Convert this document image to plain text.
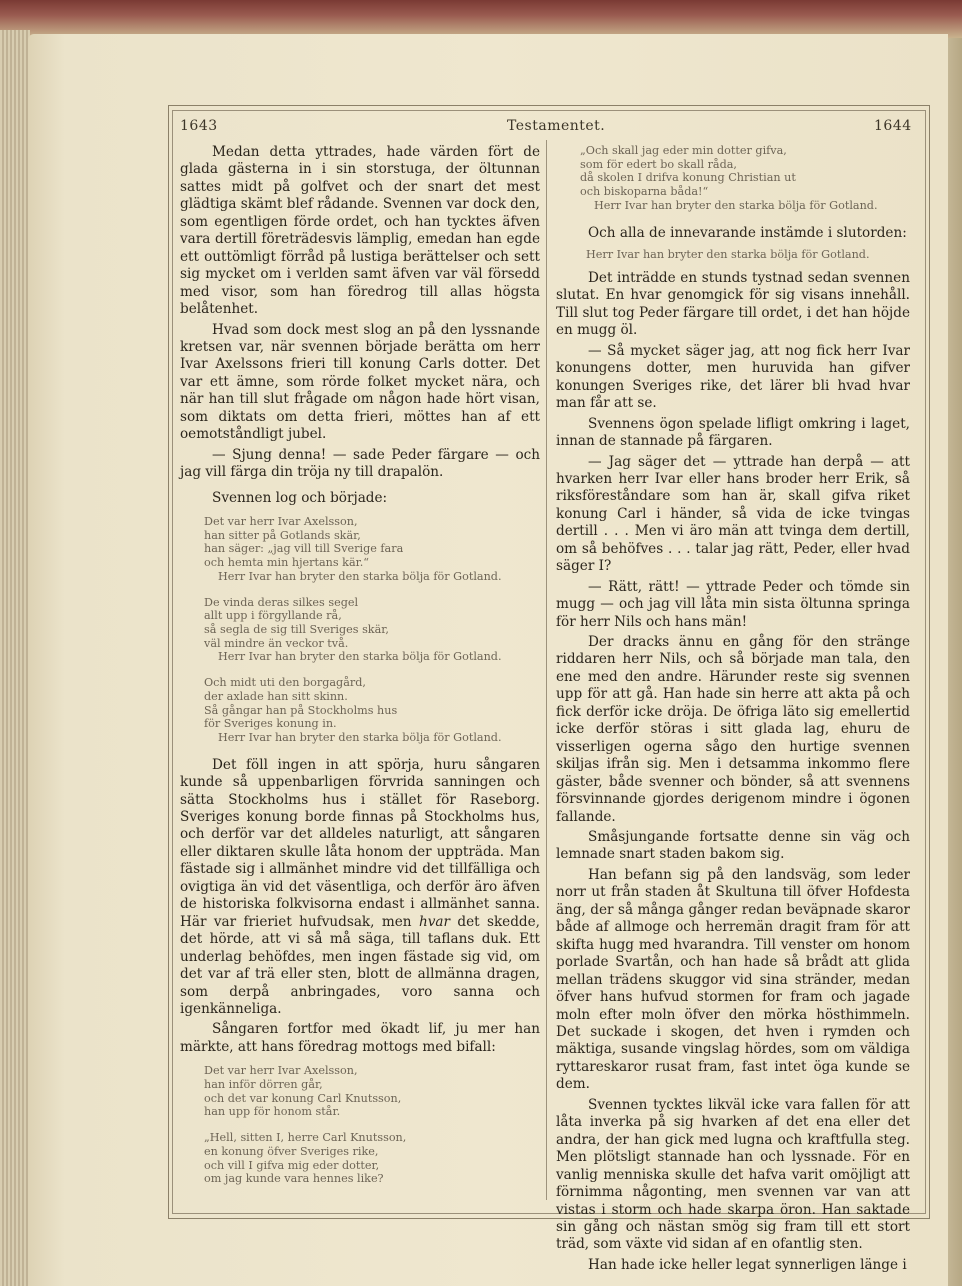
1643	Testamentet.	1644

Medan detta yttrades, hade värden fört de glada gästerna in i sin storstuga, der öltunnan sattes midt på golfvet och der snart det mest glädtiga skämt blef rådande. Svennen var dock den, som egentligen förde ordet, och han tycktes äfven vara dertill företrädesvis lämplig, emedan han egde ett outtömligt förråd på lustiga berättelser och sett sig mycket om i verlden samt äfven var väl försedd med visor, som han föredrog till allas högsta belåtenhet.

Hvad som dock mest slog an på den lyssnande kretsen var, när svennen började berätta om herr Ivar Axelssons frieri till konung Carls dotter. Det var ett ämne, som rörde folket mycket nära, och när han till slut frågade om någon hade hört visan, som diktats om detta frieri, möttes han af ett oemotståndligt jubel.

— Sjung denna! — sade Peder färgare — och jag vill färga din tröja ny till drapalön.

Svennen log och började:

Det var herr Ivar Axelsson,
han sitter på Gotlands skär,
han säger: „jag vill till Sverige fara
och hemta min hjertans kär.“
Herr Ivar han bryter den starka bölja för Gotland.
De vinda deras silkes segel
allt upp i förgyllande rå,
så segla de sig till Sveriges skär,
väl mindre än veckor två.
Herr Ivar han bryter den starka bölja för Gotland.
Och midt uti den borgagård,
der axlade han sitt skinn.
Så gångar han på Stockholms hus
för Sveriges konung in.
Herr Ivar han bryter den starka bölja för Gotland.

Det föll ingen in att spörja, huru sångaren kunde så uppenbarligen förvrida sanningen och sätta Stockholms hus i stället för Raseborg. Sveriges konung borde finnas på Stockholms hus, och derför var det alldeles naturligt, att sångaren eller diktaren skulle låta honom der uppträda. Man fästade sig i allmänhet mindre vid det tillfälliga och ovigtiga än vid det väsentliga, och derför äro äfven de historiska folkvisorna endast i allmänhet sanna. Här var frieriet hufvudsak, men hvar det skedde, det hörde, att vi så må säga, till taflans duk. Ett underlag behöfdes, men ingen fästade sig vid, om det var af trä eller sten, blott de allmänna dragen, som derpå anbringades, voro sanna och igenkänneliga.

Sångaren fortfor med ökadt lif, ju mer han märkte, att hans föredrag mottogs med bifall:

Det var herr Ivar Axelsson,
han inför dörren går,
och det var konung Carl Knutsson,
han upp för honom står.
„Hell, sitten I, herre Carl Knutsson,
en konung öfver Sveriges rike,
och vill I gifva mig eder dotter,
om jag kunde vara hennes like?
„Och skall jag eder min dotter gifva,
som för edert bo skall råda,
då skolen I drifva konung Christian ut
och biskoparna båda!“
Herr Ivar han bryter den starka bölja för Gotland.

Och alla de innevarande instämde i slutorden:

Herr Ivar han bryter den starka bölja för Gotland.

Det inträdde en stunds tystnad sedan svennen slutat. En hvar genomgick för sig visans innehåll. Till slut tog Peder färgare till ordet, i det han höjde en mugg öl.

— Så mycket säger jag, att nog fick herr Ivar konungens dotter, men huruvida han gifver konungen Sveriges rike, det lärer bli hvad hvar man får att se.

Svennens ögon spelade lifligt omkring i laget, innan de stannade på färgaren.

— Jag säger det — yttrade han derpå — att hvarken herr Ivar eller hans broder herr Erik, så riksföreståndare som han är, skall gifva riket konung Carl i händer, så vida de icke tvingas dertill . . . Men vi äro män att tvinga dem dertill, om så behöfves . . . talar jag rätt, Peder, eller hvad säger I?

— Rätt, rätt! — yttrade Peder och tömde sin mugg — och jag vill låta min sista öltunna springa för herr Nils och hans män!

Der dracks ännu en gång för den stränge riddaren herr Nils, och så började man tala, den ene med den andre. Härunder reste sig svennen upp för att gå. Han hade sin herre att akta på och fick derför icke dröja. De öfriga läto sig emellertid icke derför störas i sitt glada lag, ehuru de visserligen ogerna sågo den hurtige svennen skiljas ifrån sig. Men i detsamma inkommo flere gäster, både svenner och bönder, så att svennens försvinnande gjordes derigenom mindre i ögonen fallande.

Småsjungande fortsatte denne sin väg och lemnade snart staden bakom sig.

Han befann sig på den landsväg, som leder norr ut från staden åt Skultuna till öfver Hofdesta äng, der så många gånger redan beväpnade skaror både af allmoge och herremän dragit fram för att skifta hugg med hvarandra. Till venster om honom porlade Svartån, och han hade så brådt att glida mellan trädens skuggor vid sina stränder, medan öfver hans hufvud stormen for fram och jagade moln efter moln öfver den mörka hösthimmeln. Det suckade i skogen, det hven i rymden och mäktiga, susande vingslag hördes, som om väldiga ryttareskaror rusat fram, fast intet öga kunde se dem.

Svennen tycktes likväl icke vara fallen för att låta inverka på sig hvarken af det ena eller det andra, der han gick med lugna och kraftfulla steg. Men plötsligt stannade han och lyssnade. För en vanlig menniska skulle det hafva varit omöjligt att förnimma någonting, men svennen var van att vistas i storm och hade skarpa öron. Han saktade sin gång och nästan smög sig fram till ett stort träd, som växte vid sidan af en ofantlig sten.

Han hade icke heller legat synnerligen länge i
